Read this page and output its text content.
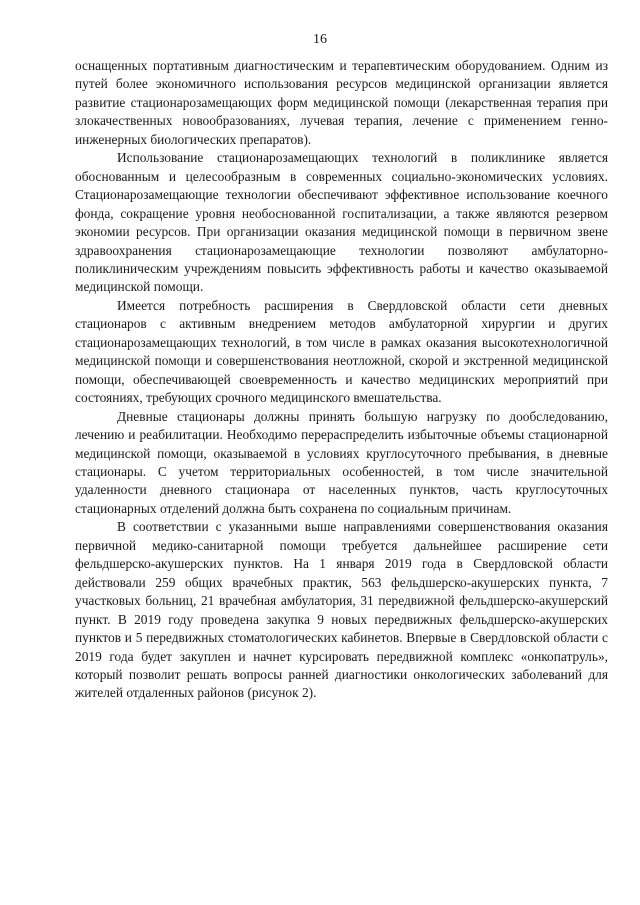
16

оснащенных портативным диагностическим и терапевтическим оборудованием. Одним из путей более экономичного использования ресурсов медицинской организации является развитие стационарозамещающих форм медицинской помощи (лекарственная терапия при злокачественных новообразованиях, лучевая терапия, лечение с применением генно-инженерных биологических препаратов).

Использование стационарозамещающих технологий в поликлинике является обоснованным и целесообразным в современных социально-экономических условиях. Стационарозамещающие технологии обеспечивают эффективное использование коечного фонда, сокращение уровня необоснованной госпитализации, а также являются резервом экономии ресурсов. При организации оказания медицинской помощи в первичном звене здравоохранения стационарозамещающие технологии позволяют амбулаторно-поликлиническим учреждениям повысить эффективность работы и качество оказываемой медицинской помощи.

Имеется потребность расширения в Свердловской области сети дневных стационаров с активным внедрением методов амбулаторной хирургии и других стационарозамещающих технологий, в том числе в рамках оказания высокотехнологичной медицинской помощи и совершенствования неотложной, скорой и экстренной медицинской помощи, обеспечивающей своевременность и качество медицинских мероприятий при состояниях, требующих срочного медицинского вмешательства.

Дневные стационары должны принять большую нагрузку по дообследованию, лечению и реабилитации. Необходимо перераспределить избыточные объемы стационарной медицинской помощи, оказываемой в условиях круглосуточного пребывания, в дневные стационары. С учетом территориальных особенностей, в том числе значительной удаленности дневного стационара от населенных пунктов, часть круглосуточных стационарных отделений должна быть сохранена по социальным причинам.

В соответствии с указанными выше направлениями совершенствования оказания первичной медико-санитарной помощи требуется дальнейшее расширение сети фельдшерско-акушерских пунктов. На 1 января 2019 года в Свердловской области действовали 259 общих врачебных практик, 563 фельдшерско-акушерских пункта, 7 участковых больниц, 21 врачебная амбулатория, 31 передвижной фельдшерско-акушерский пункт. В 2019 году проведена закупка 9 новых передвижных фельдшерско-акушерских пунктов и 5 передвижных стоматологических кабинетов. Впервые в Свердловской области с 2019 года будет закуплен и начнет курсировать передвижной комплекс «онкопатруль», который позволит решать вопросы ранней диагностики онкологических заболеваний для жителей отдаленных районов (рисунок 2).
